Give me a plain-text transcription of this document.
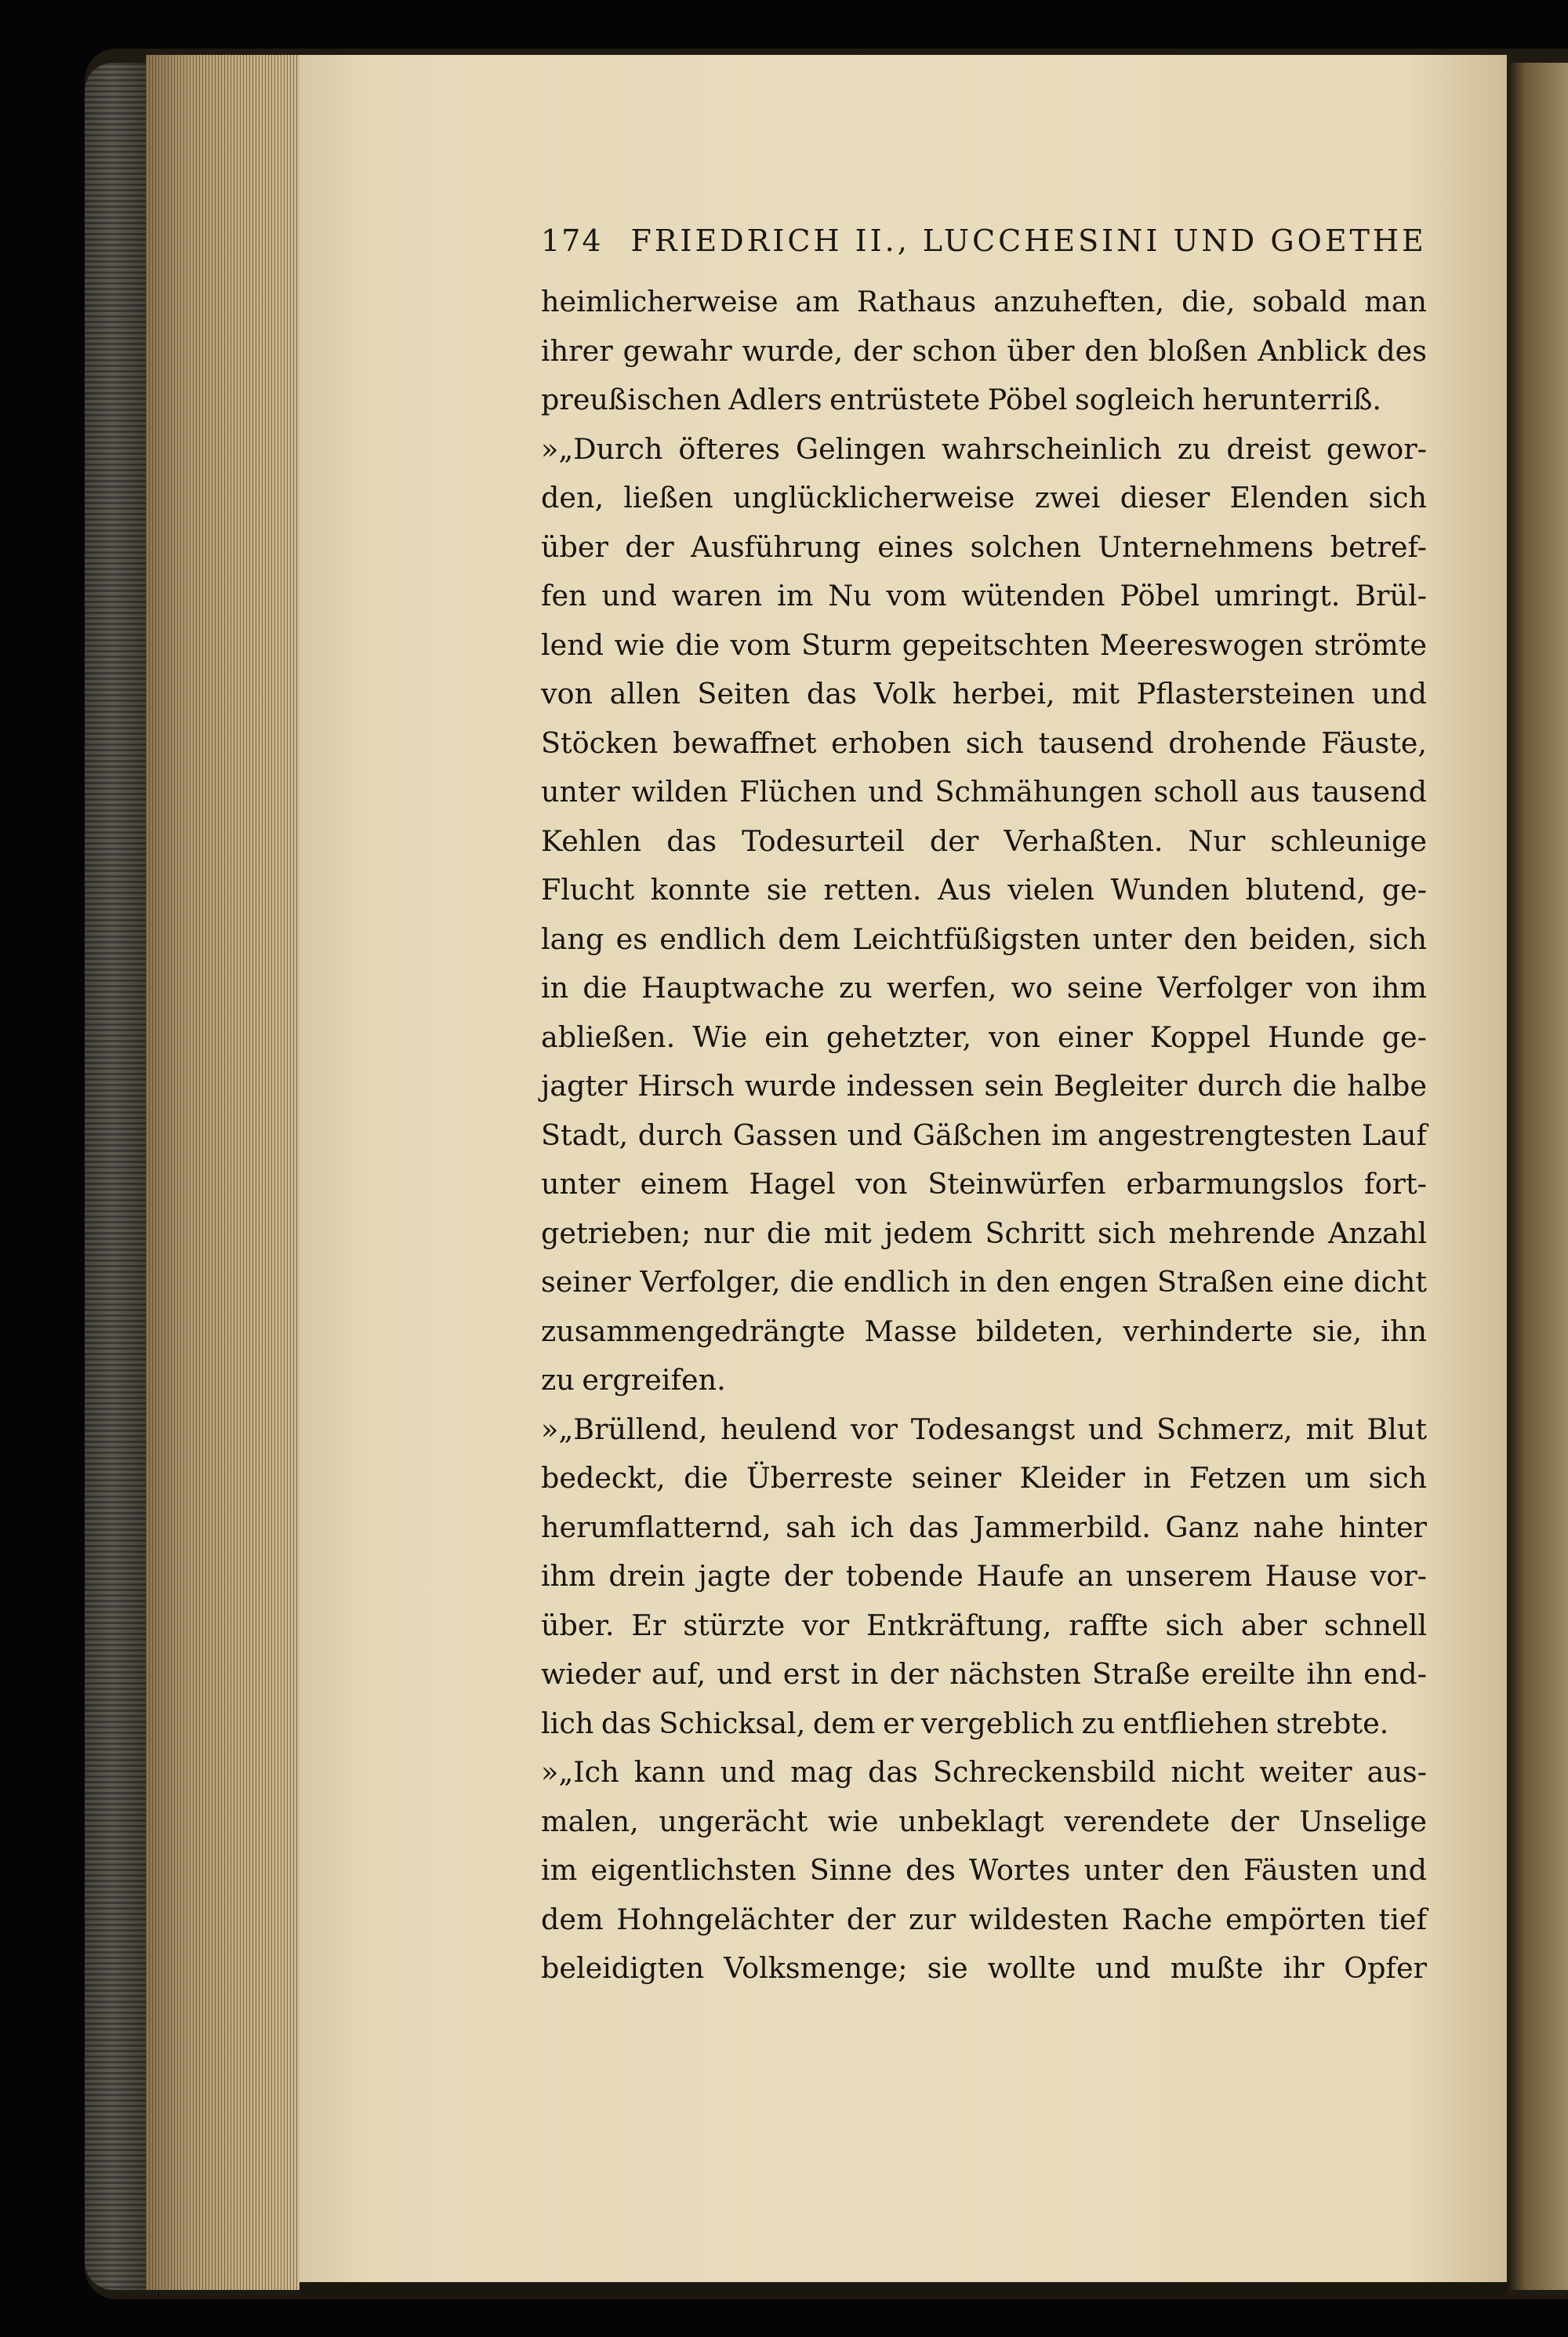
174 FRIEDRICH II., LUCCHESINI UND GOETHE
heimlicherweise am Rathaus anzuheften, die, sobald man
ihrer gewahr wurde, der schon über den bloßen Anblick des
preußischen Adlers entrüstete Pöbel sogleich herunterriß.
»„Durch öfteres Gelingen wahrscheinlich zu dreist gewor-
den, ließen unglücklicherweise zwei dieser Elenden sich
über der Ausführung eines solchen Unternehmens betref-
fen und waren im Nu vom wütenden Pöbel umringt. Brül-
lend wie die vom Sturm gepeitschten Meereswogen strömte
von allen Seiten das Volk herbei, mit Pflastersteinen und
Stöcken bewaffnet erhoben sich tausend drohende Fäuste,
unter wilden Flüchen und Schmähungen scholl aus tausend
Kehlen das Todesurteil der Verhaßten. Nur schleunige
Flucht konnte sie retten. Aus vielen Wunden blutend, ge-
lang es endlich dem Leichtfüßigsten unter den beiden, sich
in die Hauptwache zu werfen, wo seine Verfolger von ihm
abließen. Wie ein gehetzter, von einer Koppel Hunde ge-
jagter Hirsch wurde indessen sein Begleiter durch die halbe
Stadt, durch Gassen und Gäßchen im angestrengtesten Lauf
unter einem Hagel von Steinwürfen erbarmungslos fort-
getrieben; nur die mit jedem Schritt sich mehrende Anzahl
seiner Verfolger, die endlich in den engen Straßen eine dicht
zusammengedrängte Masse bildeten, verhinderte sie, ihn
zu ergreifen.
»„Brüllend, heulend vor Todesangst und Schmerz, mit Blut
bedeckt, die Überreste seiner Kleider in Fetzen um sich
herumflatternd, sah ich das Jammerbild. Ganz nahe hinter
ihm drein jagte der tobende Haufe an unserem Hause vor-
über. Er stürzte vor Entkräftung, raffte sich aber schnell
wieder auf, und erst in der nächsten Straße ereilte ihn end-
lich das Schicksal, dem er vergeblich zu entfliehen strebte.
»„Ich kann und mag das Schreckensbild nicht weiter aus-
malen, ungerächt wie unbeklagt verendete der Unselige
im eigentlichsten Sinne des Wortes unter den Fäusten und
dem Hohngelächter der zur wildesten Rache empörten tief
beleidigten Volksmenge; sie wollte und mußte ihr Opfer
